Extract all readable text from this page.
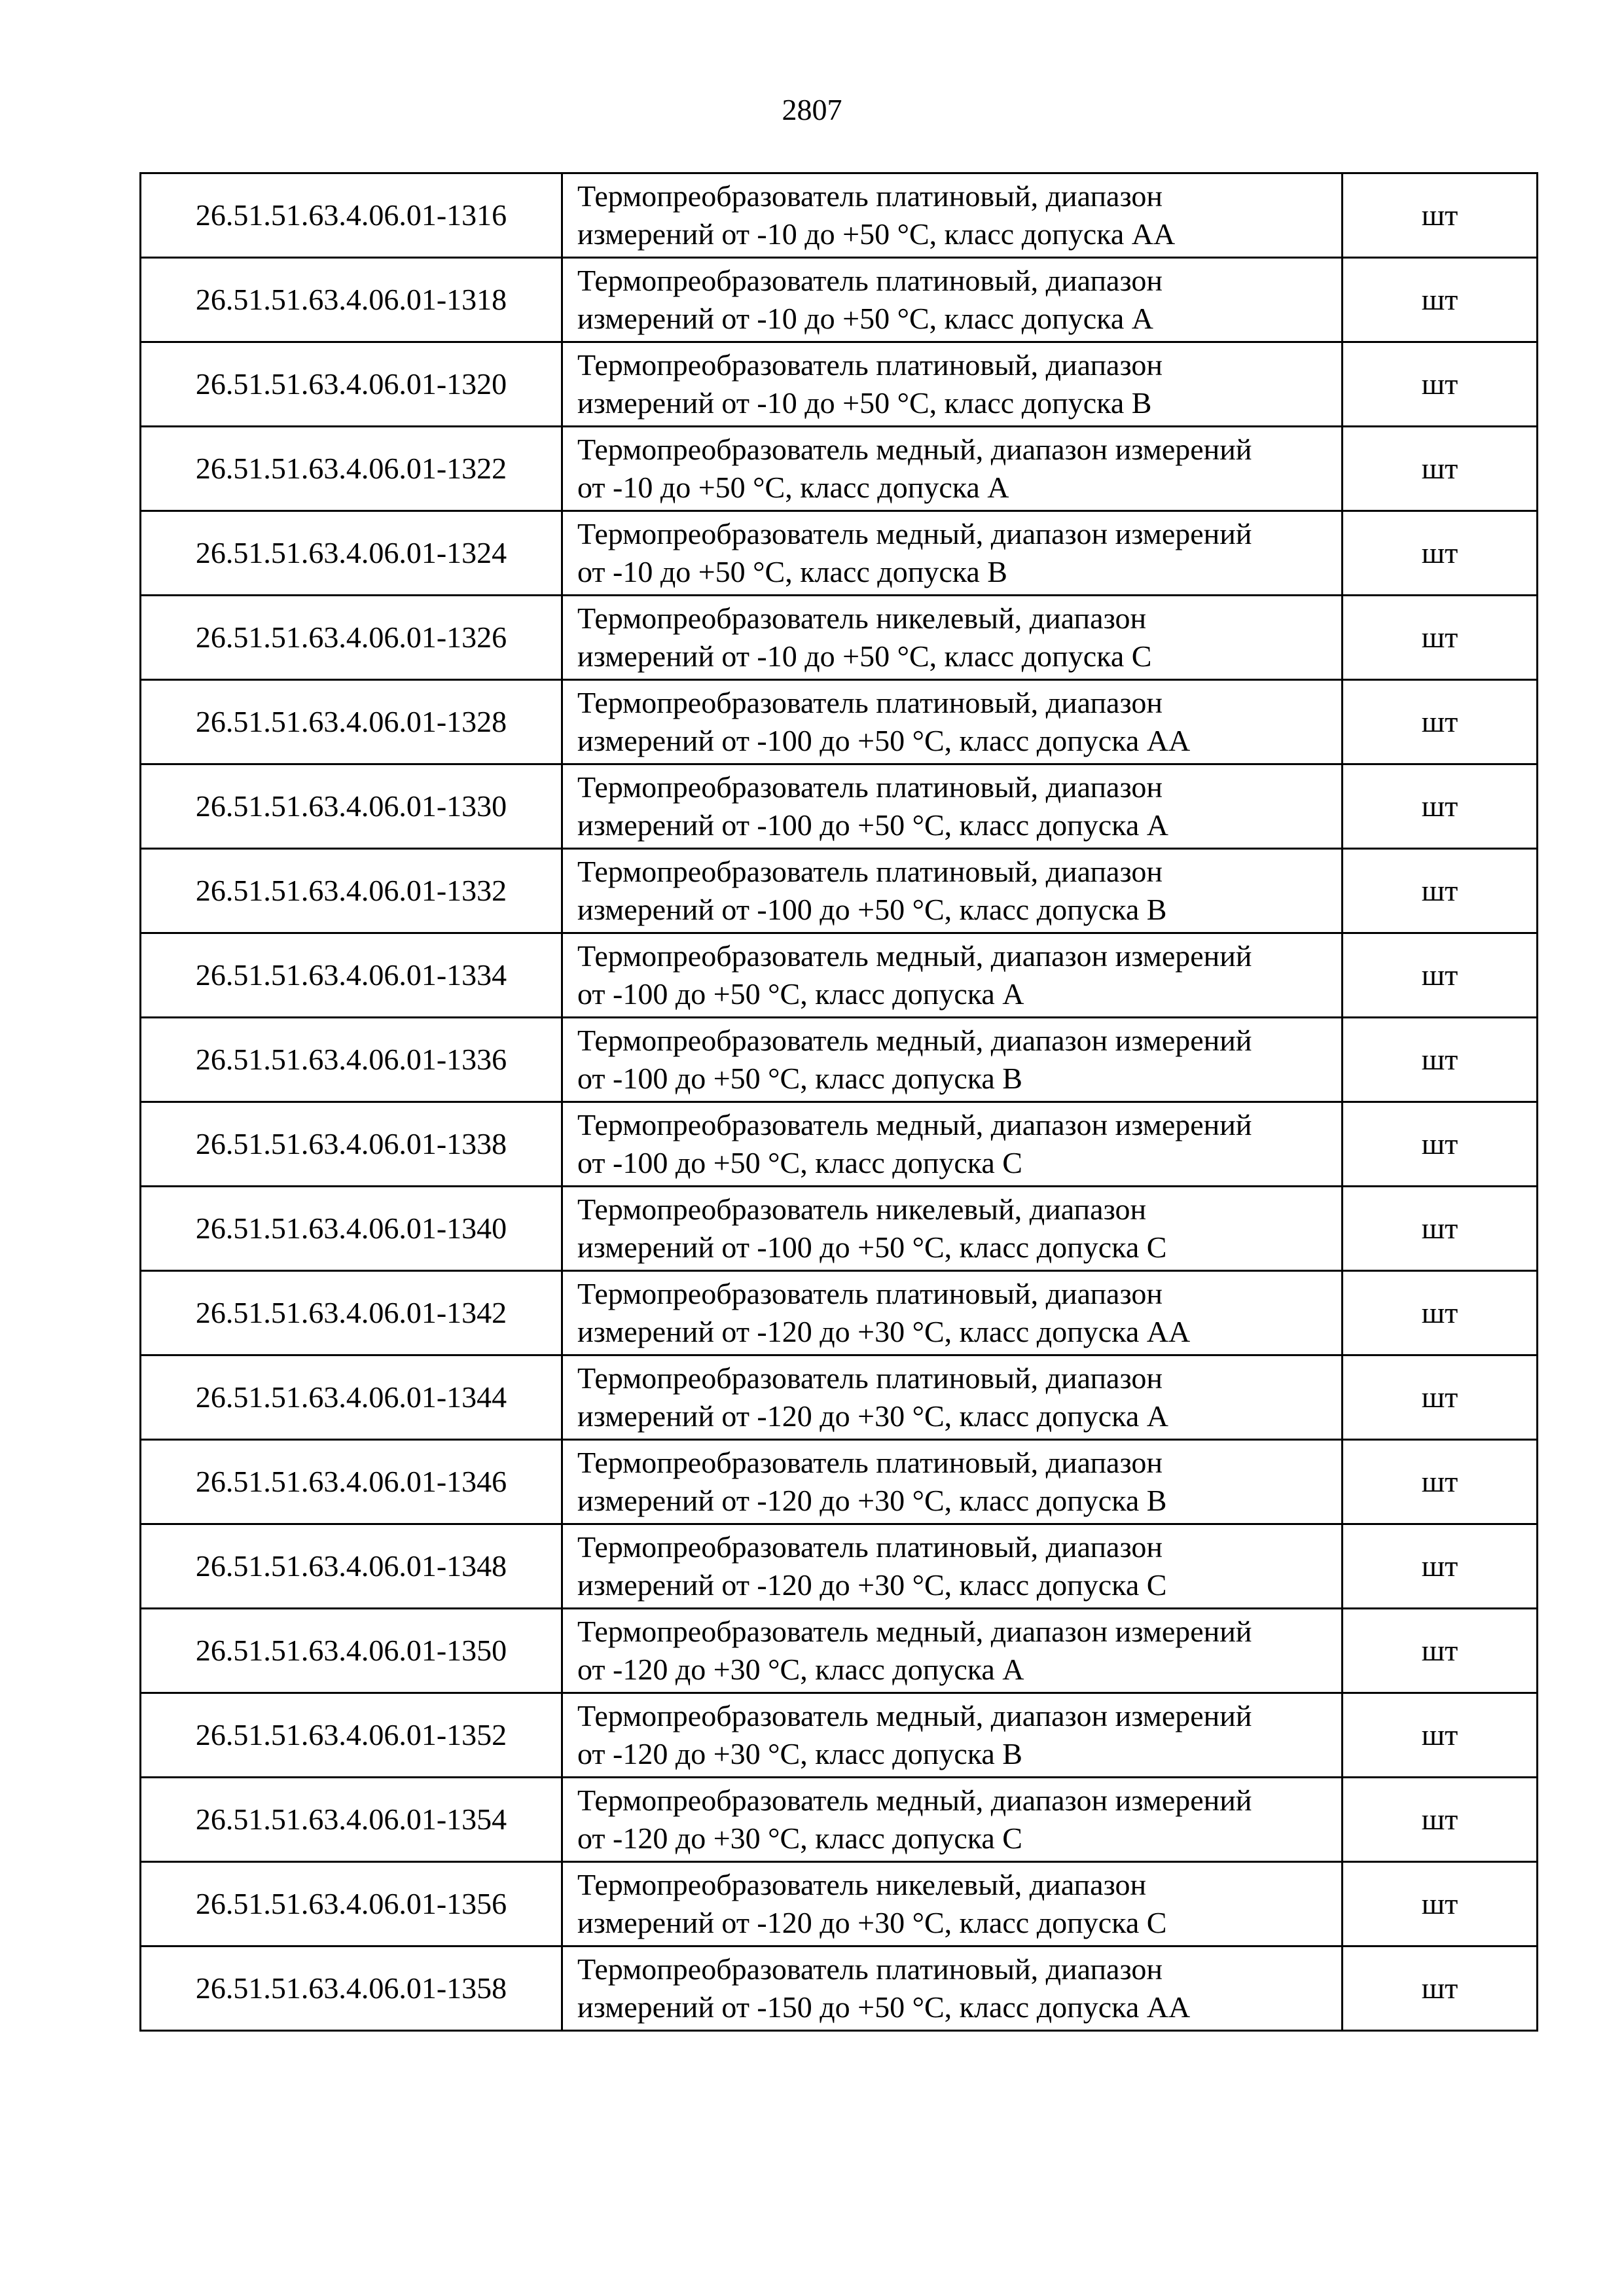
2807
26.51.51.63.4.06.01-1316	Термопреобразователь платиновый, диапазон
измерений от -10 до +50 °С, класс допуска АА	шт
26.51.51.63.4.06.01-1318	Термопреобразователь платиновый, диапазон
измерений от -10 до +50 °С, класс допуска А	шт
26.51.51.63.4.06.01-1320	Термопреобразователь платиновый, диапазон
измерений от -10 до +50 °С, класс допуска В	шт
26.51.51.63.4.06.01-1322	Термопреобразователь медный, диапазон измерений
от -10 до +50 °С, класс допуска А	шт
26.51.51.63.4.06.01-1324	Термопреобразователь медный, диапазон измерений
от -10 до +50 °С, класс допуска В	шт
26.51.51.63.4.06.01-1326	Термопреобразователь никелевый, диапазон
измерений от -10 до +50 °С, класс допуска С	шт
26.51.51.63.4.06.01-1328	Термопреобразователь платиновый, диапазон
измерений от -100 до +50 °С, класс допуска АА	шт
26.51.51.63.4.06.01-1330	Термопреобразователь платиновый, диапазон
измерений от -100 до +50 °С, класс допуска А	шт
26.51.51.63.4.06.01-1332	Термопреобразователь платиновый, диапазон
измерений от -100 до +50 °С, класс допуска В	шт
26.51.51.63.4.06.01-1334	Термопреобразователь медный, диапазон измерений
от -100 до +50 °С, класс допуска А	шт
26.51.51.63.4.06.01-1336	Термопреобразователь медный, диапазон измерений
от -100 до +50 °С, класс допуска В	шт
26.51.51.63.4.06.01-1338	Термопреобразователь медный, диапазон измерений
от -100 до +50 °С, класс допуска С	шт
26.51.51.63.4.06.01-1340	Термопреобразователь никелевый, диапазон
измерений от -100 до +50 °С, класс допуска С	шт
26.51.51.63.4.06.01-1342	Термопреобразователь платиновый, диапазон
измерений от -120 до +30 °С, класс допуска АА	шт
26.51.51.63.4.06.01-1344	Термопреобразователь платиновый, диапазон
измерений от -120 до +30 °С, класс допуска А	шт
26.51.51.63.4.06.01-1346	Термопреобразователь платиновый, диапазон
измерений от -120 до +30 °С, класс допуска В	шт
26.51.51.63.4.06.01-1348	Термопреобразователь платиновый, диапазон
измерений от -120 до +30 °С, класс допуска С	шт
26.51.51.63.4.06.01-1350	Термопреобразователь медный, диапазон измерений
от -120 до +30 °С, класс допуска А	шт
26.51.51.63.4.06.01-1352	Термопреобразователь медный, диапазон измерений
от -120 до +30 °С, класс допуска В	шт
26.51.51.63.4.06.01-1354	Термопреобразователь медный, диапазон измерений
от -120 до +30 °С, класс допуска С	шт
26.51.51.63.4.06.01-1356	Термопреобразователь никелевый, диапазон
измерений от -120 до +30 °С, класс допуска С	шт
26.51.51.63.4.06.01-1358	Термопреобразователь платиновый, диапазон
измерений от -150 до +50 °С, класс допуска АА	шт
